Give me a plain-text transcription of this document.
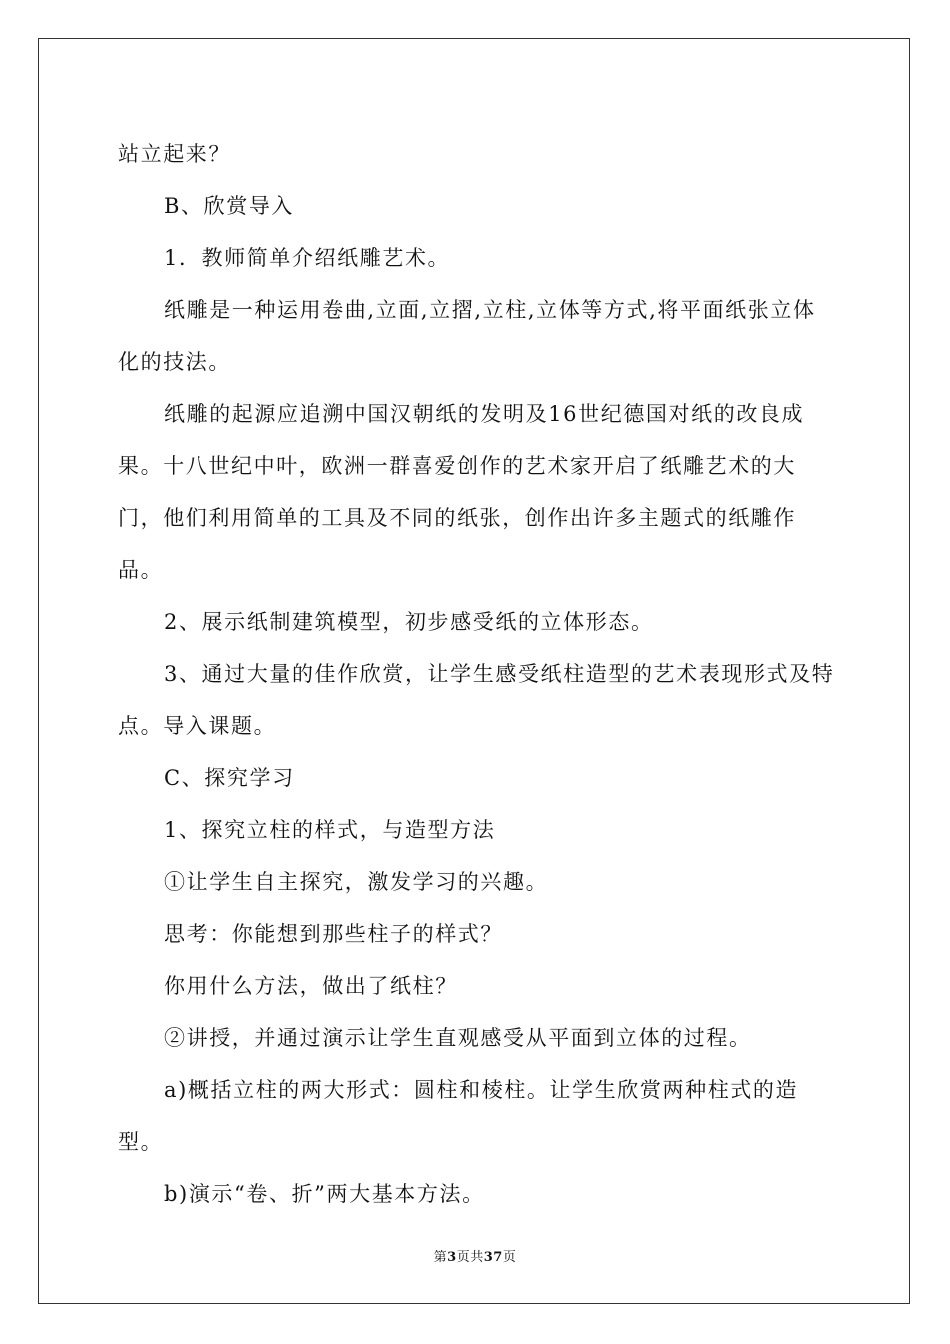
站立起来？

B、欣赏导入

1．教师简单介绍纸雕艺术。

纸雕是一种运用卷曲,立面,立摺,立柱,立体等方式,将平面纸张立体化的技法。

纸雕的起源应追溯中国汉朝纸的发明及16世纪德国对纸的改良成果。十八世纪中叶，欧洲一群喜爱创作的艺术家开启了纸雕艺术的大门，他们利用简单的工具及不同的纸张，创作出许多主题式的纸雕作品。

2、展示纸制建筑模型，初步感受纸的立体形态。

3、通过大量的佳作欣赏，让学生感受纸柱造型的艺术表现形式及特点。导入课题。

C、探究学习

1、探究立柱的样式，与造型方法

①让学生自主探究，激发学习的兴趣。

思考：你能想到那些柱子的样式？

你用什么方法，做出了纸柱？

②讲授，并通过演示让学生直观感受从平面到立体的过程。

a)概括立柱的两大形式：圆柱和棱柱。让学生欣赏两种柱式的造型。

b)演示“卷、折”两大基本方法。

第3页共37页
